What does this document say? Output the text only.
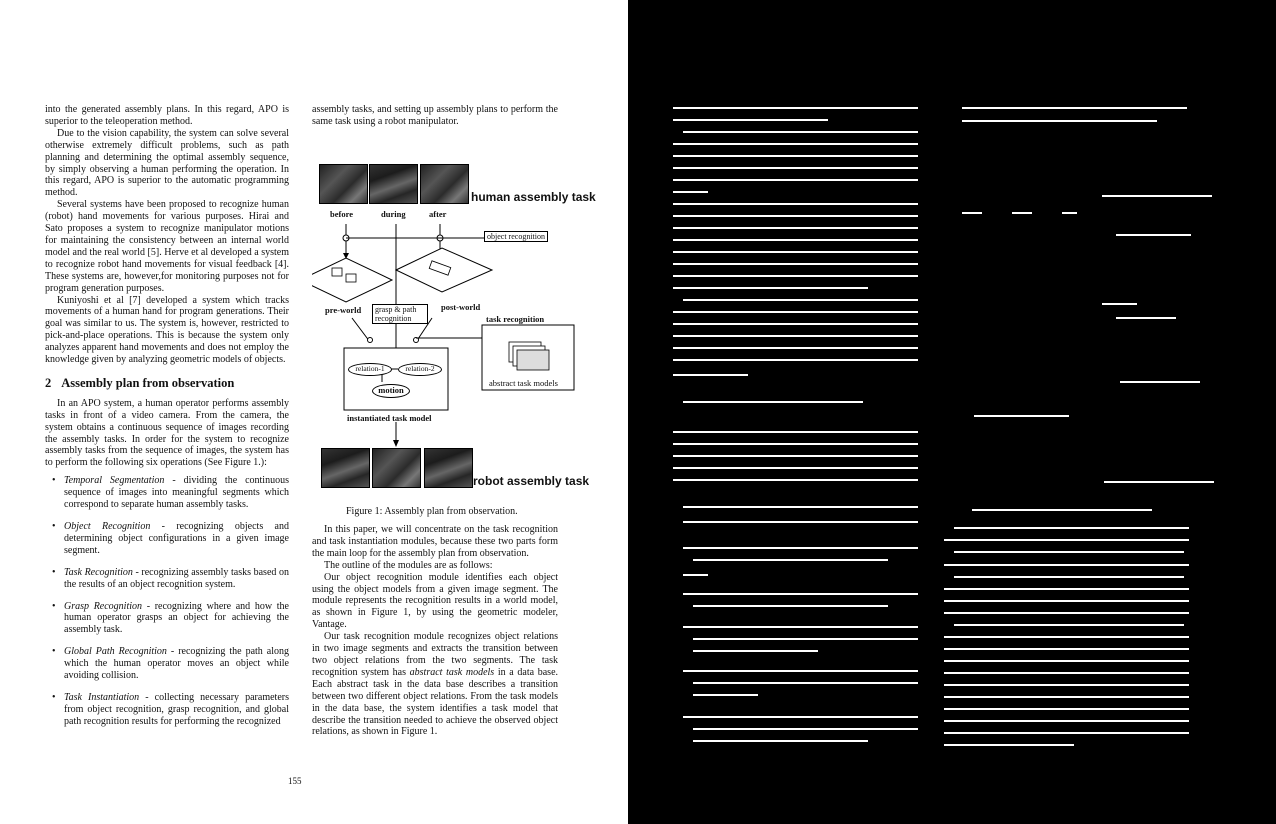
into the generated assembly plans. In this regard, APO is superior to the teleoperation method.

Due to the vision capability, the system can solve several otherwise extremely difficult problems, such as path planning and determining the optimal assembly sequence, by simply observing a human performing the operation. In this regard, APO is superior to the automatic programming method.

Several systems have been proposed to recognize human (robot) hand movements for various purposes. Hirai and Sato proposes a system to recognize manipulator motions for maintaining the consistency between an internal world model and the real world [5]. Herve et al developed a system to recognize robot hand movements for visual feedback [4]. These systems are, however,for monitoring purposes not for program generation purposes.

Kuniyoshi et al [7] developed a system which tracks movements of a human hand for program generations. Their goal was similar to us. The system is, however, restricted to pick-and-place operations. This is because the system only analyzes apparent hand movements and does not employ the knowledge given by analyzing geometric models of objects.

2 Assembly plan from observation

In an APO system, a human operator performs assembly tasks in front of a video camera. From the camera, the system obtains a continuous sequence of images recording the assembly tasks. In order for the system to recognize assembly tasks from the sequence of images, the system has to perform the following six operations (See Figure 1.):

• Temporal Segmentation - dividing the continuous sequence of images into meaningful segments which correspond to separate human assembly tasks.
• Object Recognition - recognizing objects and determining object configurations in a given image segment.
• Task Recognition - recognizing assembly tasks based on the results of an object recognition system.
• Grasp Recognition - recognizing where and how the human operator grasps an object for achieving the assembly task.
• Global Path Recognition - recognizing the path along which the human operator moves an object while avoiding collision.
• Task Instantiation - collecting necessary parameters from object recognition, grasp recognition, and global path recognition results for performing the recognized

assembly tasks, and setting up assembly plans to perform the same task using a robot manipulator.

human assembly task
before	during	after
object recognition
pre-world	post-world
grasp & path recognition	task recognition
relation-1	relation-2
motion
abstract task models
instantiated task model
robot assembly task
Figure 1: Assembly plan from observation.

In this paper, we will concentrate on the task recognition and task instantiation modules, because these two parts form the main loop for the assembly plan from observation.

The outline of the modules are as follows:

Our object recognition module identifies each object using the object models from a given image segment. The module represents the recognition results in a world model, as shown in Figure 1, by using the geometric modeler, Vantage.

Our task recognition module recognizes object relations in two image segments and extracts the transition between two object relations from the two segments. The task recognition system has abstract task models in a data base. Each abstract task in the data base describes a transition between two different object relations. From the task models in the data base, the system identifies a task model that describe the transition needed to achieve the observed object relations, as shown in Figure 1.

155
